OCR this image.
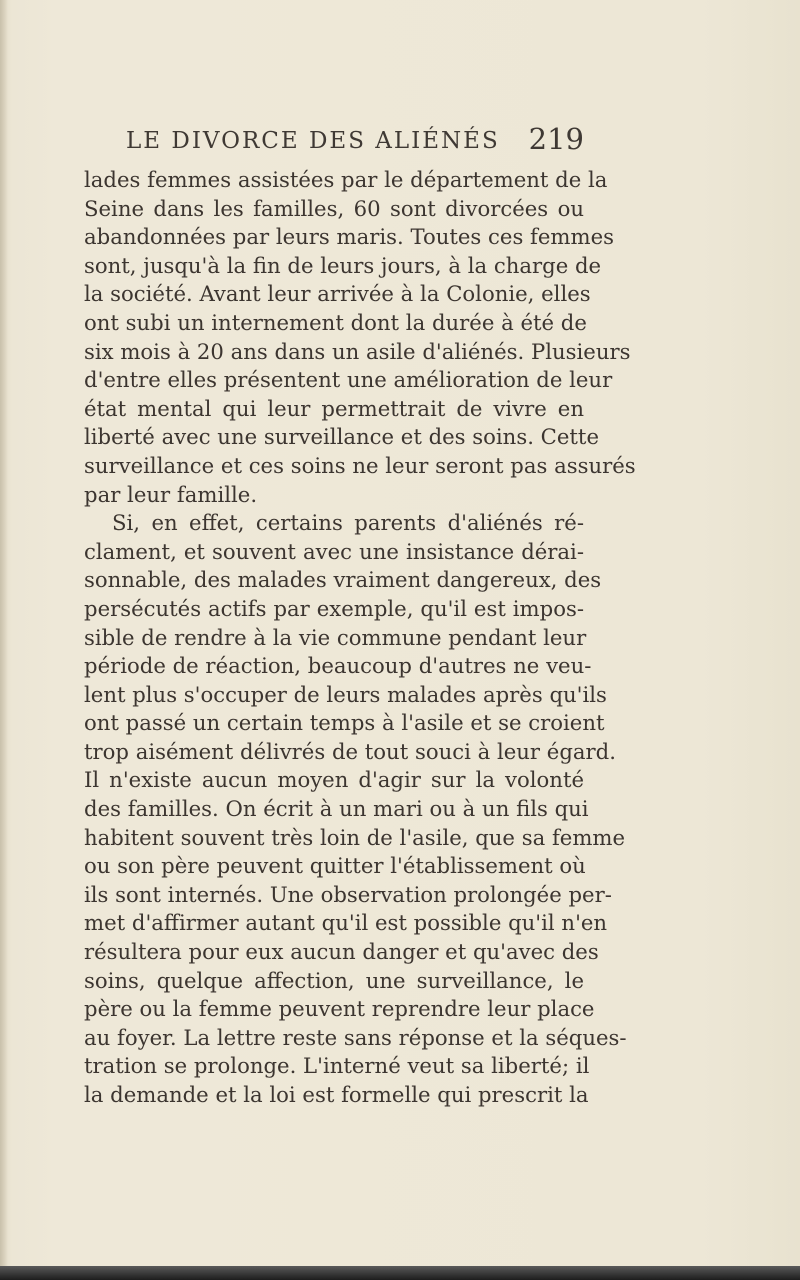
LE DIVORCE DES ALIÉNÉS 219
lades femmes assistées par le département de la
Seine dans les familles, 60 sont divorcées ou
abandonnées par leurs maris. Toutes ces femmes
sont, jusqu'à la fin de leurs jours, à la charge de
la société. Avant leur arrivée à la Colonie, elles
ont subi un internement dont la durée à été de
six mois à 20 ans dans un asile d'aliénés. Plusieurs
d'entre elles présentent une amélioration de leur
état mental qui leur permettrait de vivre en
liberté avec une surveillance et des soins. Cette
surveillance et ces soins ne leur seront pas assurés
par leur famille.
Si, en effet, certains parents d'aliénés ré-
clament, et souvent avec une insistance dérai-
sonnable, des malades vraiment dangereux, des
persécutés actifs par exemple, qu'il est impos-
sible de rendre à la vie commune pendant leur
période de réaction, beaucoup d'autres ne veu-
lent plus s'occuper de leurs malades après qu'ils
ont passé un certain temps à l'asile et se croient
trop aisément délivrés de tout souci à leur égard.
Il n'existe aucun moyen d'agir sur la volonté
des familles. On écrit à un mari ou à un fils qui
habitent souvent très loin de l'asile, que sa femme
ou son père peuvent quitter l'établissement où
ils sont internés. Une observation prolongée per-
met d'affirmer autant qu'il est possible qu'il n'en
résultera pour eux aucun danger et qu'avec des
soins, quelque affection, une surveillance, le
père ou la femme peuvent reprendre leur place
au foyer. La lettre reste sans réponse et la séques-
tration se prolonge. L'interné veut sa liberté; il
la demande et la loi est formelle qui prescrit la
